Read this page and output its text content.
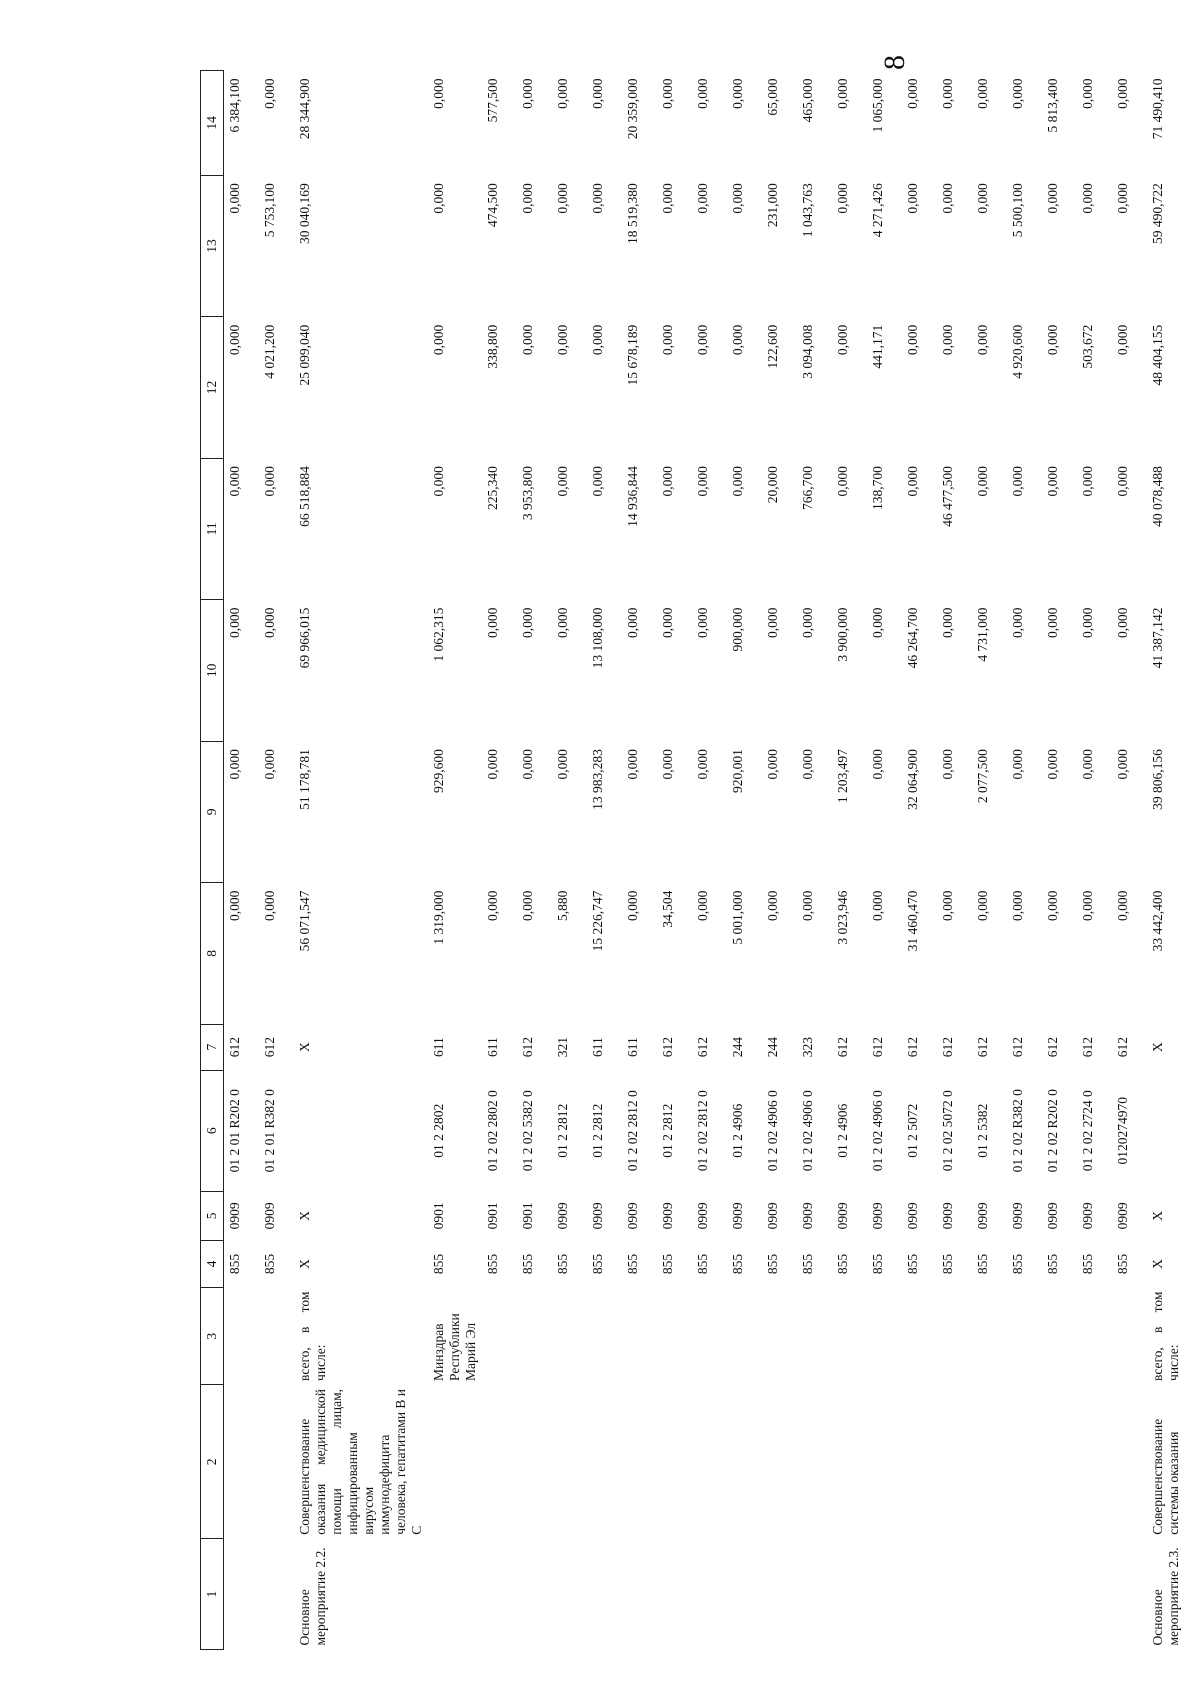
8
1	2	3	4	5	6	7	8	9	10	11	12	13	14
			855	0909	01 2 01 R202 0	612	0,000	0,000	0,000	0,000	0,000	0,000	6 384,100
			855	0909	01 2 01 R382 0	612	0,000	0,000	0,000	0,000	4 021,200	5 753,100	0,000
Основное мероприятие 2.2.	Совершенствование оказания медицинской помощи лицам, инфицированным вирусом иммунодефицита человека, гепатитами В и С	всего, в том числе:	X	X		X	56 071,547	51 178,781	69 966,015	66 518,884	25 099,040	30 040,169	28 344,900
		Минздрав Республики Марий Эл	855	0901	01 2 2802	611	1 319,000	929,600	1 062,315	0,000	0,000	0,000	0,000
			855	0901	01 2 02 2802 0	611	0,000	0,000	0,000	225,340	338,800	474,500	577,500
			855	0901	01 2 02 5382 0	612	0,000	0,000	0,000	3 953,800	0,000	0,000	0,000
			855	0909	01 2 2812	321	5,880	0,000	0,000	0,000	0,000	0,000	0,000
			855	0909	01 2 2812	611	15 226,747	13 983,283	13 108,000	0,000	0,000	0,000	0,000
			855	0909	01 2 02 2812 0	611	0,000	0,000	0,000	14 936,844	15 678,189	18 519,380	20 359,000
			855	0909	01 2 2812	612	34,504	0,000	0,000	0,000	0,000	0,000	0,000
			855	0909	01 2 02 2812 0	612	0,000	0,000	0,000	0,000	0,000	0,000	0,000
			855	0909	01 2 4906	244	5 001,000	920,001	900,000	0,000	0,000	0,000	0,000
			855	0909	01 2 02 4906 0	244	0,000	0,000	0,000	20,000	122,600	231,000	65,000
			855	0909	01 2 02 4906 0	323	0,000	0,000	0,000	766,700	3 094,008	1 043,763	465,000
			855	0909	01 2 4906	612	3 023,946	1 203,497	3 900,000	0,000	0,000	0,000	0,000
			855	0909	01 2 02 4906 0	612	0,000	0,000	0,000	138,700	441,171	4 271,426	1 065,000
			855	0909	01 2 5072	612	31 460,470	32 064,900	46 264,700	0,000	0,000	0,000	0,000
			855	0909	01 2 02 5072 0	612	0,000	0,000	0,000	46 477,500	0,000	0,000	0,000
			855	0909	01 2 5382	612	0,000	2 077,500	4 731,000	0,000	0,000	0,000	0,000
			855	0909	01 2 02 R382 0	612	0,000	0,000	0,000	0,000	4 920,600	5 500,100	0,000
			855	0909	01 2 02 R202 0	612	0,000	0,000	0,000	0,000	0,000	0,000	5 813,400
			855	0909	01 2 02 2724 0	612	0,000	0,000	0,000	0,000	503,672	0,000	0,000
			855	0909	0120274970	612	0,000	0,000	0,000	0,000	0,000	0,000	0,000
Основное мероприятие 2.3.	Совершенствование системы оказания	всего, в том числе:	X	X		X	33 442,400	39 806,156	41 387,142	40 078,488	48 404,155	59 490,722	71 490,410
